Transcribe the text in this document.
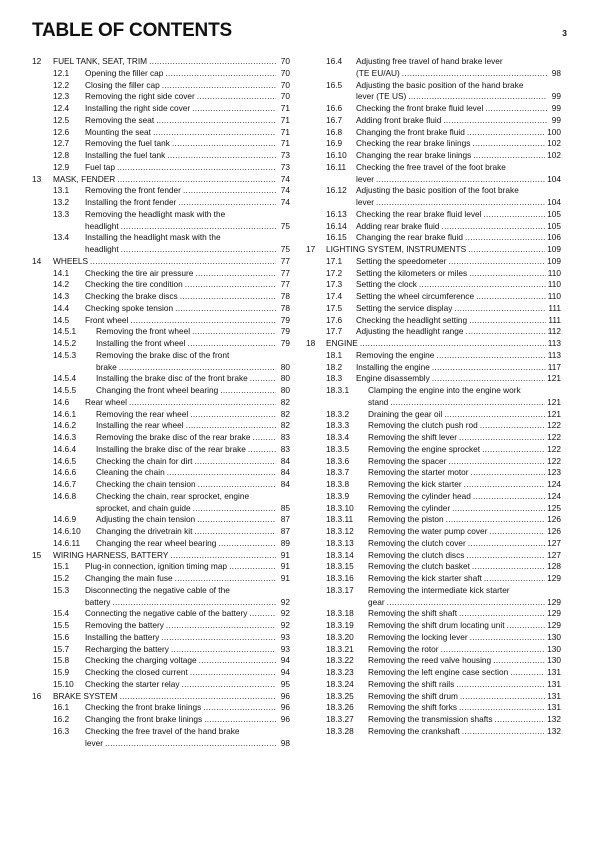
TABLE OF CONTENTS	3
12 FUEL TANK, SEAT, TRIM .....	70
12.1 Opening the filler cap .....	70
12.2 Closing the filler cap .....	70
12.3 Removing the right side cover .....	70
12.4 Installing the right side cover .....	71
12.5 Removing the seat .....	71
12.6 Mounting the seat .....	71
12.7 Removing the fuel tank .....	71
12.8 Installing the fuel tank .....	73
12.9 Fuel tap .....	73
13 MASK, FENDER .....	74
13.1 Removing the front fender .....	74
13.2 Installing the front fender .....	74
13.3 Removing the headlight mask with the
headlight .....	75
13.4 Installing the headlight mask with the
headlight .....	75
14 WHEELS .....	77
14.1 Checking the tire air pressure .....	77
14.2 Checking the tire condition .....	77
14.3 Checking the brake discs .....	78
14.4 Checking spoke tension .....	78
14.5 Front wheel .....	79
14.5.1 Removing the front wheel .....	79
14.5.2 Installing the front wheel .....	79
14.5.3 Removing the brake disc of the front
brake .....	80
14.5.4 Installing the brake disc of the front brake .....	80
14.5.5 Changing the front wheel bearing .....	80
14.6 Rear wheel .....	82
14.6.1 Removing the rear wheel .....	82
14.6.2 Installing the rear wheel .....	82
14.6.3 Removing the brake disc of the rear brake .....	83
14.6.4 Installing the brake disc of the rear brake .....	83
14.6.5 Checking the chain for dirt .....	84
14.6.6 Cleaning the chain .....	84
14.6.7 Checking the chain tension .....	84
14.6.8 Checking the chain, rear sprocket, engine
sprocket, and chain guide .....	85
14.6.9 Adjusting the chain tension .....	87
14.6.10 Changing the drivetrain kit .....	87
14.6.11 Changing the rear wheel bearing .....	89
15 WIRING HARNESS, BATTERY .....	91
15.1 Plug-in connection, ignition timing map .....	91
15.2 Changing the main fuse .....	91
15.3 Disconnecting the negative cable of the
battery .....	92
15.4 Connecting the negative cable of the battery .....	92
15.5 Removing the battery .....	92
15.6 Installing the battery .....	93
15.7 Recharging the battery .....	93
15.8 Checking the charging voltage .....	94
15.9 Checking the closed current .....	94
15.10 Checking the starter relay .....	95
16 BRAKE SYSTEM .....	96
16.1 Checking the front brake linings .....	96
16.2 Changing the front brake linings .....	96
16.3 Checking the free travel of the hand brake
lever .....	98
16.4 Adjusting free travel of hand brake lever
(TE EU/AU) .....	98
16.5 Adjusting the basic position of the hand brake
lever (TE US) .....	99
16.6 Checking the front brake fluid level .....	99
16.7 Adding front brake fluid .....	99
16.8 Changing the front brake fluid .....	100
16.9 Checking the rear brake linings .....	102
16.10 Changing the rear brake linings .....	102
16.11 Checking the free travel of the foot brake
lever .....	104
16.12 Adjusting the basic position of the foot brake
lever .....	104
16.13 Checking the rear brake fluid level .....	105
16.14 Adding rear brake fluid .....	105
16.15 Changing the rear brake fluid .....	106
17 LIGHTING SYSTEM, INSTRUMENTS .....	109
17.1 Setting the speedometer .....	109
17.2 Setting the kilometers or miles .....	110
17.3 Setting the clock .....	110
17.4 Setting the wheel circumference .....	110
17.5 Setting the service display .....	111
17.6 Checking the headlight setting .....	111
17.7 Adjusting the headlight range .....	112
18 ENGINE .....	113
18.1 Removing the engine .....	113
18.2 Installing the engine .....	117
18.3 Engine disassembly .....	121
18.3.1 Clamping the engine into the engine work
stand .....	121
18.3.2 Draining the gear oil .....	121
18.3.3 Removing the clutch push rod .....	122
18.3.4 Removing the shift lever .....	122
18.3.5 Removing the engine sprocket .....	122
18.3.6 Removing the spacer .....	122
18.3.7 Removing the starter motor .....	123
18.3.8 Removing the kick starter .....	124
18.3.9 Removing the cylinder head .....	124
18.3.10 Removing the cylinder .....	125
18.3.11 Removing the piston .....	126
18.3.12 Removing the water pump cover .....	126
18.3.13 Removing the clutch cover .....	127
18.3.14 Removing the clutch discs .....	127
18.3.15 Removing the clutch basket .....	128
18.3.16 Removing the kick starter shaft .....	129
18.3.17 Removing the intermediate kick starter
gear .....	129
18.3.18 Removing the shift shaft .....	129
18.3.19 Removing the shift drum locating unit .....	129
18.3.20 Removing the locking lever .....	130
18.3.21 Removing the rotor .....	130
18.3.22 Removing the reed valve housing .....	130
18.3.23 Removing the left engine case section .....	131
18.3.24 Removing the shift rails .....	131
18.3.25 Removing the shift drum .....	131
18.3.26 Removing the shift forks .....	131
18.3.27 Removing the transmission shafts .....	132
18.3.28 Removing the crankshaft .....	132
